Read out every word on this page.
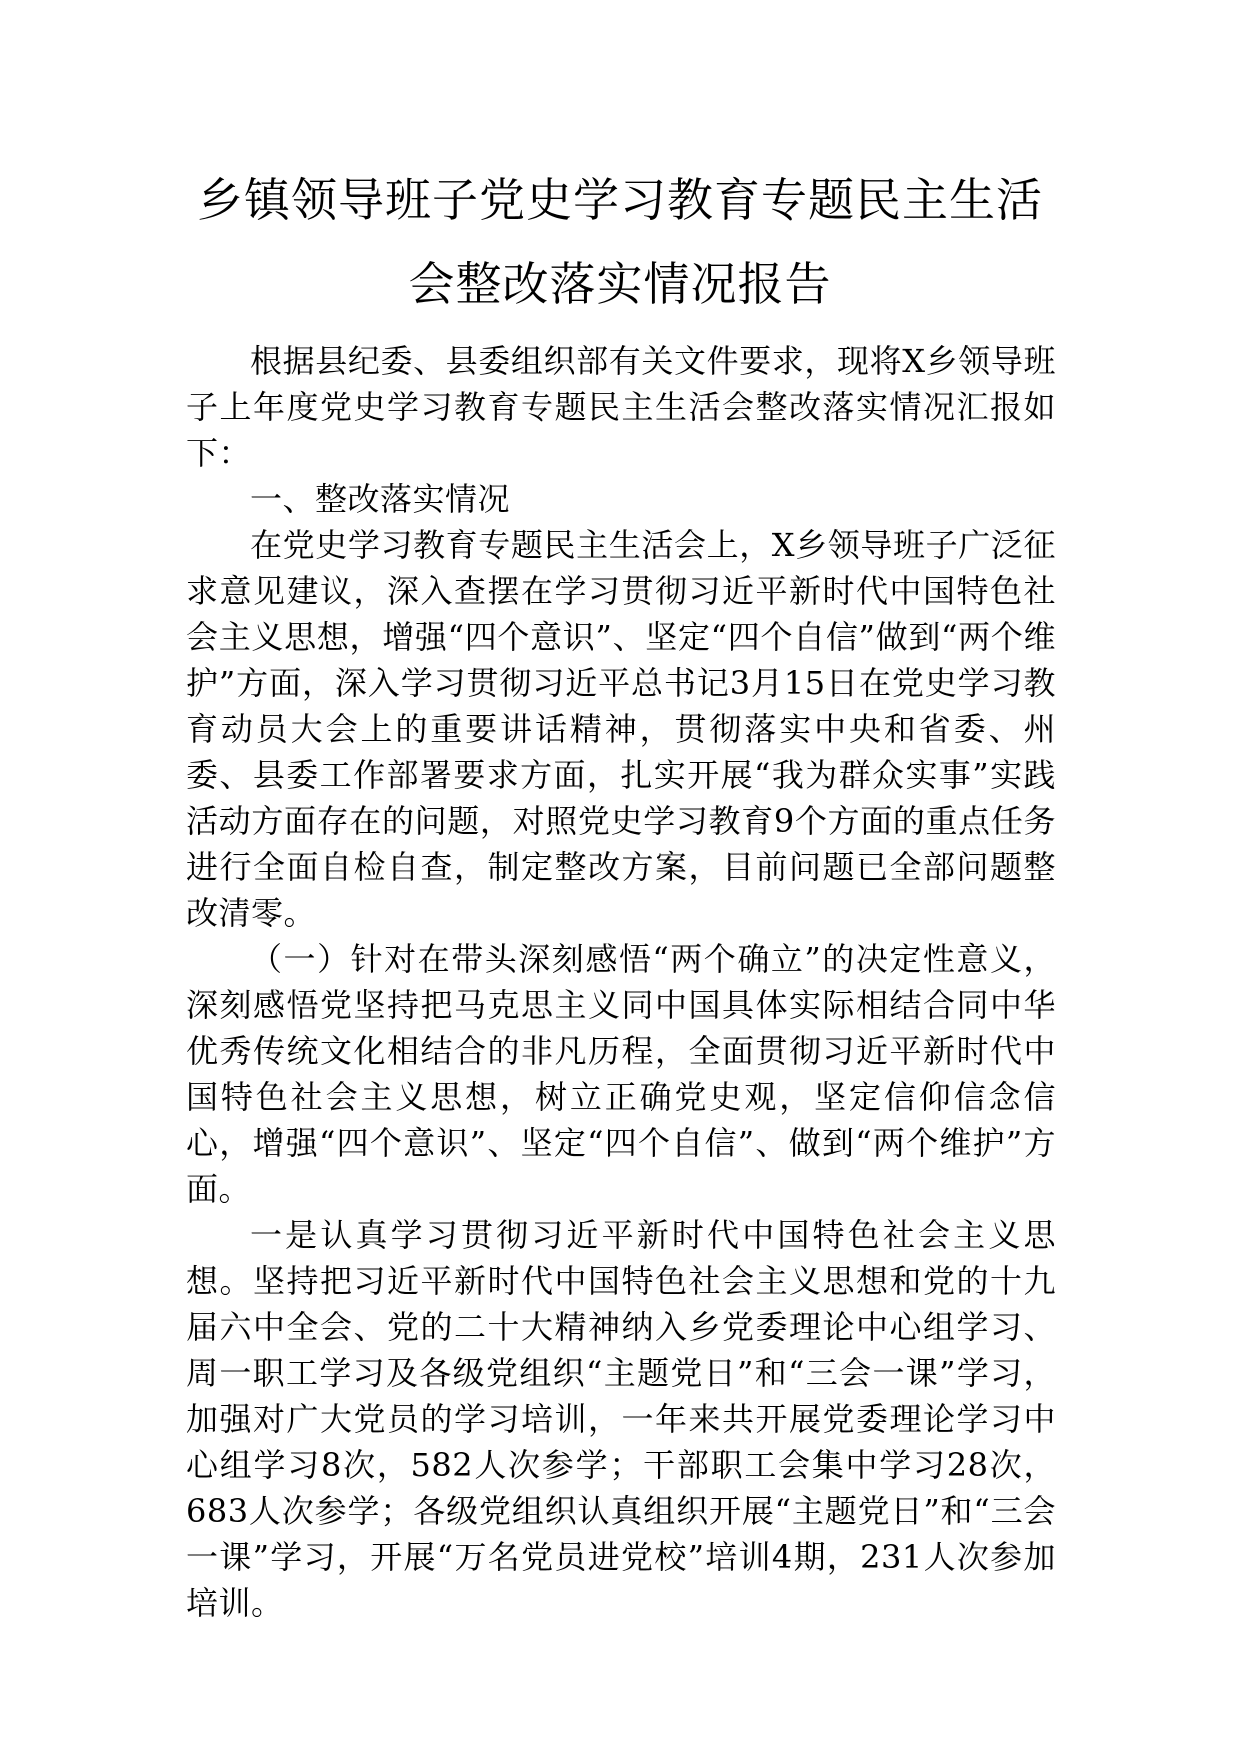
乡镇领导班子党史学习教育专题民主生活
会整改落实情况报告

根据县纪委、县委组织部有关文件要求，现将X乡领导班子上年度党史学习教育专题民主生活会整改落实情况汇报如下：

一、整改落实情况

在党史学习教育专题民主生活会上，X乡领导班子广泛征求意见建议，深入查摆在学习贯彻习近平新时代中国特色社会主义思想，增强“四个意识”、坚定“四个自信”做到“两个维护”方面，深入学习贯彻习近平总书记3月15日在党史学习教育动员大会上的重要讲话精神，贯彻落实中央和省委、州委、县委工作部署要求方面，扎实开展“我为群众实事”实践活动方面存在的问题，对照党史学习教育9个方面的重点任务进行全面自检自查，制定整改方案，目前问题已全部问题整改清零。

（一）针对在带头深刻感悟“两个确立”的决定性意义，深刻感悟党坚持把马克思主义同中国具体实际相结合同中华优秀传统文化相结合的非凡历程，全面贯彻习近平新时代中国特色社会主义思想，树立正确党史观，坚定信仰信念信心，增强“四个意识”、坚定“四个自信”、做到“两个维护”方面。

一是认真学习贯彻习近平新时代中国特色社会主义思想。坚持把习近平新时代中国特色社会主义思想和党的十九届六中全会、党的二十大精神纳入乡党委理论中心组学习、周一职工学习及各级党组织“主题党日”和“三会一课”学习，加强对广大党员的学习培训，一年来共开展党委理论学习中心组学习8次，582人次参学；干部职工会集中学习28次，683人次参学；各级党组织认真组织开展“主题党日”和“三会一课”学习，开展“万名党员进党校”培训4期，231人次参加培训。
